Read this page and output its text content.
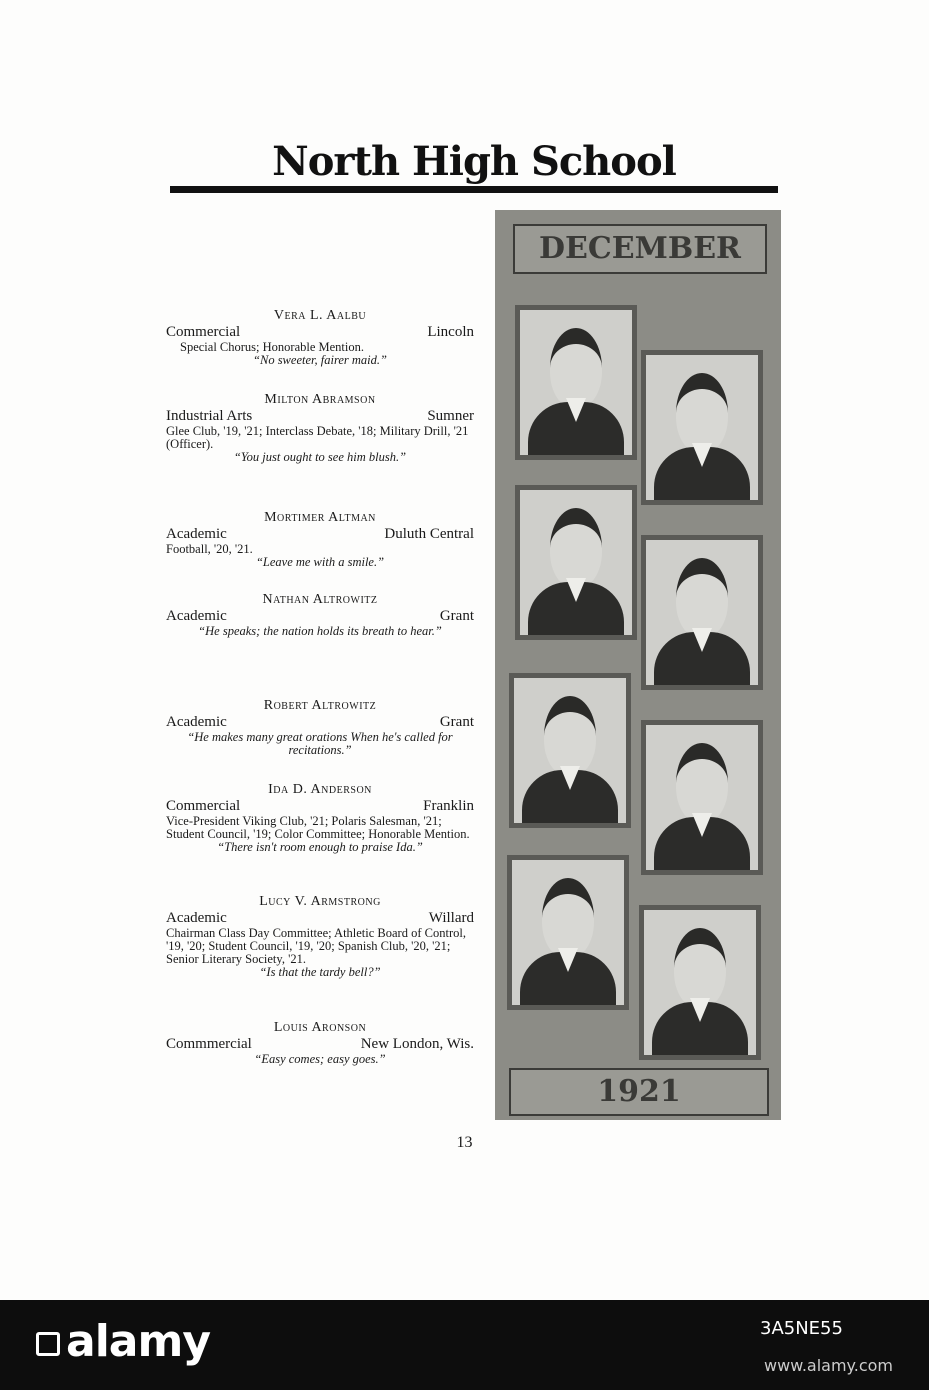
North High School
Vera L. Aalbu
Commercial	Lincoln
Special Chorus; Honorable Mention.
“No sweeter, fairer maid.”
Milton Abramson
Industrial Arts	Sumner
Glee Club, '19, '21; Interclass Debate, '18; Military Drill, '21 (Officer).
“You just ought to see him blush.”
Mortimer Altman
Academic	Duluth Central
Football, '20, '21.
“Leave me with a smile.”
Nathan Altrowitz
Academic	Grant
“He speaks; the nation holds its breath to hear.”
Robert Altrowitz
Academic	Grant
“He makes many great orations When he's called for recitations.”
Ida D. Anderson
Commercial	Franklin
Vice-President Viking Club, '21; Polaris Salesman, '21; Student Council, '19; Color Committee; Honorable Mention.
“There isn't room enough to praise Ida.”
Lucy V. Armstrong
Academic	Willard
Chairman Class Day Committee; Athletic Board of Control, '19, '20; Student Council, '19, '20; Spanish Club, '20, '21; Senior Literary Society, '21.
“Is that the tardy bell?”
Louis Aronson
Commmercial	New London, Wis.
“Easy comes; easy goes.”
DECEMBER
1921
13
alamy	3A5NE55
www.alamy.com
